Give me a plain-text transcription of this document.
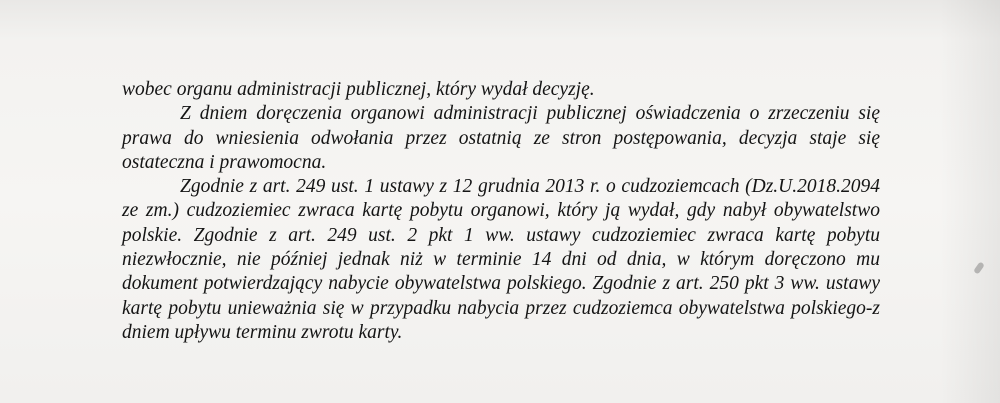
wobec organu administracji publicznej, który wydał decyzję.

Z dniem doręczenia organowi administracji publicznej oświadczenia o zrzeczeniu się prawa do wniesienia odwołania przez ostatnią ze stron postępowania, decyzja staje się ostateczna i prawomocna.

Zgodnie z art. 249 ust. 1 ustawy z 12 grudnia 2013 r. o cudzoziemcach (Dz.U.2018.2094 ze zm.) cudzoziemiec zwraca kartę pobytu organowi, który ją wydał, gdy nabył obywatelstwo polskie. Zgodnie z art. 249 ust. 2 pkt 1 ww. ustawy cudzoziemiec zwraca kartę pobytu niezwłocznie, nie później jednak niż w terminie 14 dni od dnia, w którym doręczono mu dokument potwierdzający nabycie obywatelstwa polskiego. Zgodnie z art. 250 pkt 3 ww. ustawy kartę pobytu unieważnia się w przypadku nabycia przez cudzoziemca obywatelstwa polskiego-z dniem upływu terminu zwrotu karty.
